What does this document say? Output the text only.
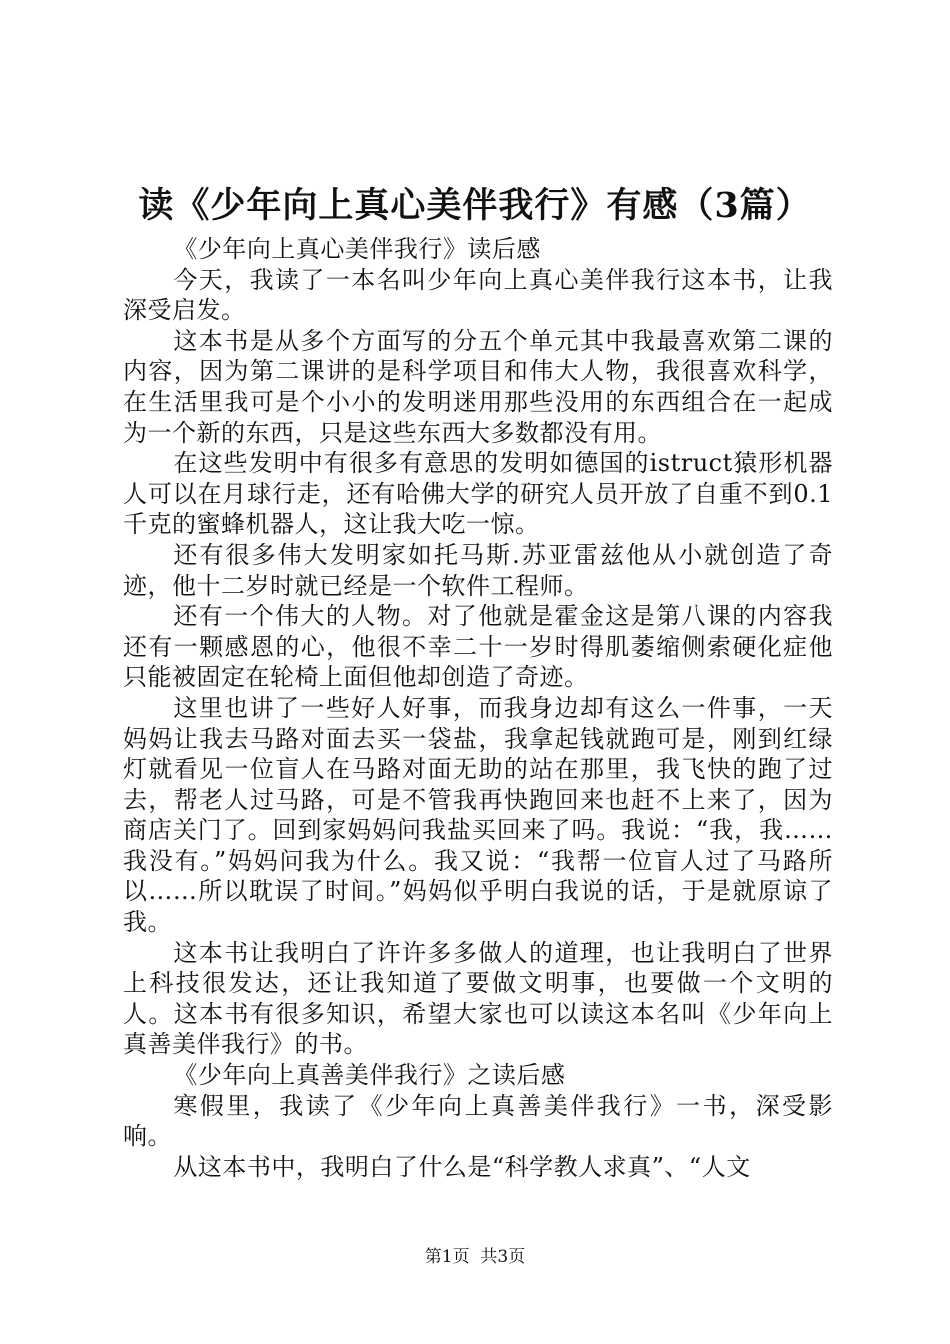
读《少年向上真心美伴我行》有感（3篇）

《少年向上真心美伴我行》读后感

今天，我读了一本名叫少年向上真心美伴我行这本书，让我深受启发。

这本书是从多个方面写的分五个单元其中我最喜欢第二课的内容，因为第二课讲的是科学项目和伟大人物，我很喜欢科学，在生活里我可是个小小的发明迷用那些没用的东西组合在一起成为一个新的东西，只是这些东西大多数都没有用。

在这些发明中有很多有意思的发明如德国的istruct猿形机器人可以在月球行走，还有哈佛大学的研究人员开放了自重不到0.1千克的蜜蜂机器人，这让我大吃一惊。

还有很多伟大发明家如托马斯.苏亚雷兹他从小就创造了奇迹，他十二岁时就已经是一个软件工程师。

还有一个伟大的人物。对了他就是霍金这是第八课的内容我还有一颗感恩的心，他很不幸二十一岁时得肌萎缩侧索硬化症他只能被固定在轮椅上面但他却创造了奇迹。

这里也讲了一些好人好事，而我身边却有这么一件事，一天妈妈让我去马路对面去买一袋盐，我拿起钱就跑可是，刚到红绿灯就看见一位盲人在马路对面无助的站在那里，我飞快的跑了过去，帮老人过马路，可是不管我再快跑回来也赶不上来了，因为商店关门了。回到家妈妈问我盐买回来了吗。我说：“我，我……我没有。”妈妈问我为什么。我又说：“我帮一位盲人过了马路所以……所以耽误了时间。”妈妈似乎明白我说的话，于是就原谅了我。

这本书让我明白了许许多多做人的道理，也让我明白了世界上科技很发达，还让我知道了要做文明事，也要做一个文明的人。这本书有很多知识，希望大家也可以读这本名叫《少年向上真善美伴我行》的书。

《少年向上真善美伴我行》之读后感

寒假里，我读了《少年向上真善美伴我行》一书，深受影响。

从这本书中，我明白了什么是“科学教人求真”、“人文

第1页  共3页
